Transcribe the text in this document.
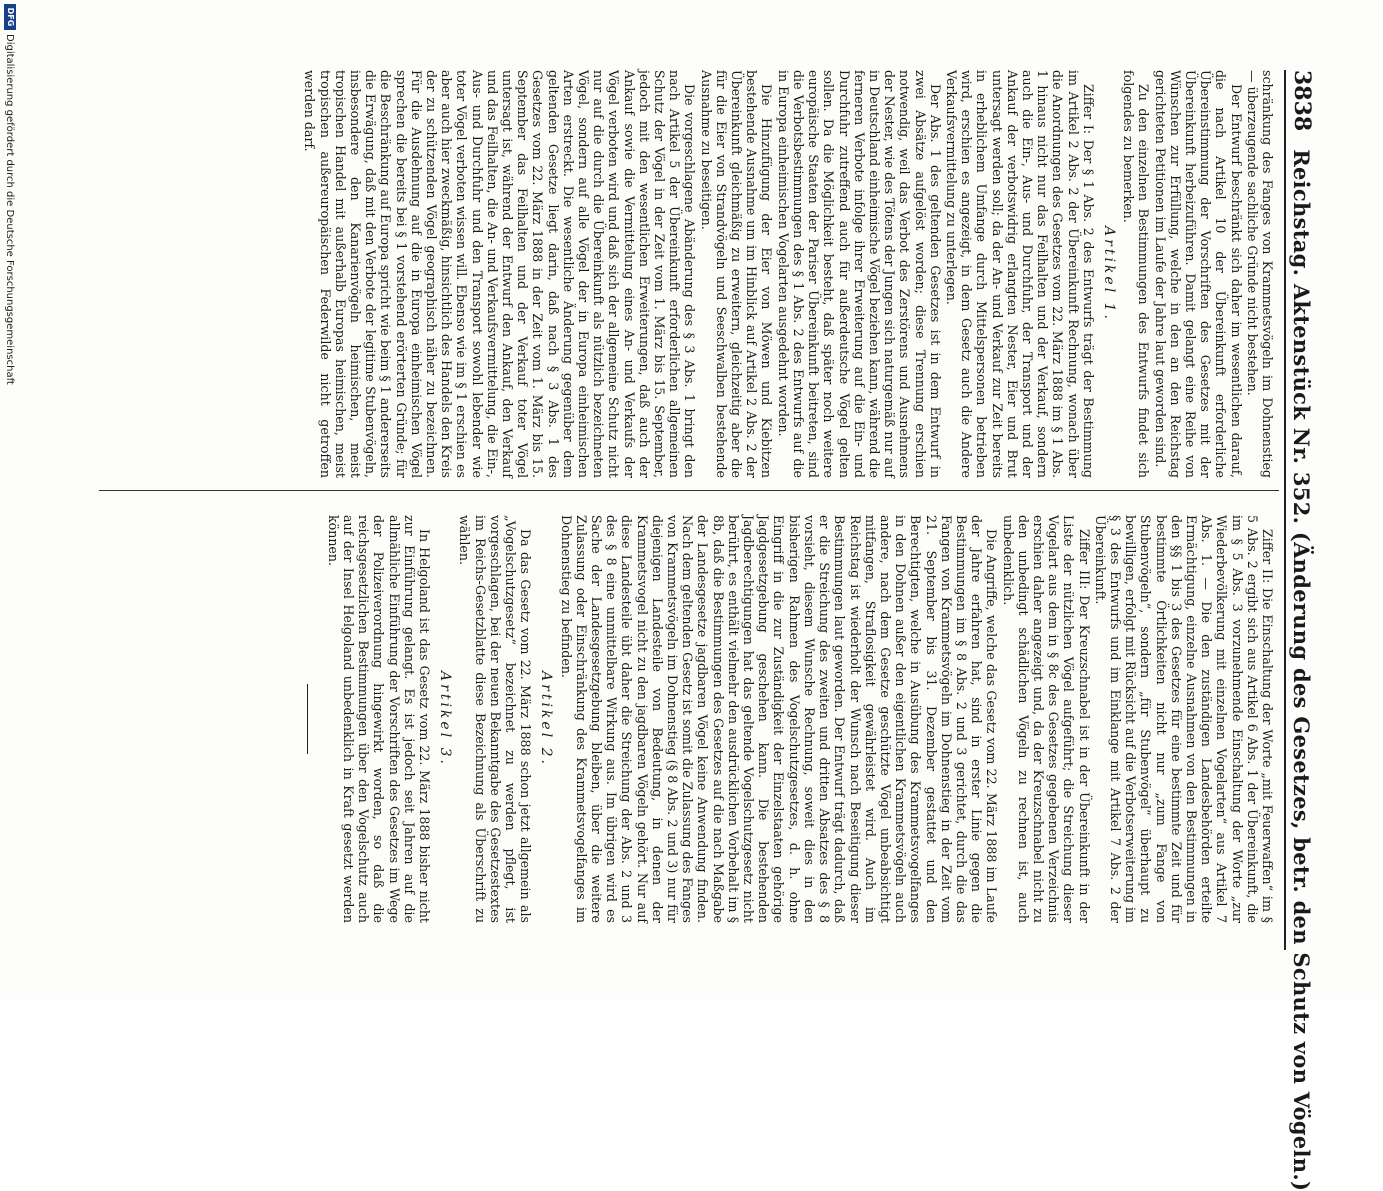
3838
Reichstag. Aktenstück Nr. 352. (Änderung des Gesetzes, betr. den Schutz von Vögeln.)

schränkung des Fanges von Krammetsvögeln im Dohnenstieg — überzeugende sachliche Gründe nicht bestehen.

Der Entwurf beschränkt sich daher im wesentlichen darauf, die nach Artikel 10 der Übereinkunft erforderliche Übereinstimmung der Vorschriften des Gesetzes mit der Übereinkunft herbeizuführen. Damit gelangt eine Reihe von Wünschen zur Erfüllung, welche in den an den Reichstag gerichteten Petitionen im Laufe der Jahre laut geworden sind.

Zu den einzelnen Bestimmungen des Entwurfs findet sich folgendes zu bemerken.

Artikel 1.

Ziffer I: Der § 1 Abs. 2 des Entwurfs trägt der Bestimmung im Artikel 2 Abs. 2 der Übereinkunft Rechnung, wonach über die Anordnungen des Gesetzes vom 22. März 1888 im § 1 Abs. 1 hinaus nicht nur das Feilhalten und der Verkauf, sondern auch die Ein-, Aus- und Durchfuhr, der Transport und der Ankauf der verbotswidrig erlangten Nester, Eier und Brut untersagt werden soll; da der An- und Verkauf zur Zeit bereits in erheblichem Umfange durch Mittelspersonen betrieben wird, erschien es angezeigt, in dem Gesetz auch die Andere Verkaufsvermittelung zu unterlegen.

Der Abs. 1 des geltenden Gesetzes ist in dem Entwurf in zwei Absätze aufgelöst worden; diese Trennung erschien notwendig, weil das Verbot des Zerstörens und Ausnehmens der Nester, wie des Tötens der Jungen sich naturgemäß nur auf in Deutschland einheimische Vögel beziehen kann, während die ferneren Verbote infolge ihrer Erweiterung auf die Ein- und Durchfuhr zutreffend auch für außerdeutsche Vögel gelten sollen. Da die Möglichkeit besteht, daß später noch weitere europäische Staaten der Pariser Übereinkunft beitreten, sind die Verbotsbestimmungen des § 1 Abs. 2 des Entwurfs auf die in Europa einheimischen Vogelarten ausgedehnt worden.

Die Hinzufügung der Eier von Möwen und Kiebitzen bestehende Ausnahme um im Hinblick auf Artikel 2 Abs. 2 der Übereinkunft gleichmäßig zu erweitern, gleichzeitig aber die für die Eier von Strandvögeln und Seeschwalben bestehende Ausnahme zu beseitigen.

Die vorgeschlagene Abänderung des § 3 Abs. 1 bringt den nach Artikel 5 der Übereinkunft erforderlichen allgemeinen Schutz der Vögel in der Zeit vom 1. März bis 15. September, jedoch mit den wesentlichen Erweiterungen, daß auch der Ankauf sowie die Vermittelung eines An- und Verkaufs der Vögel verboten wird und daß sich der allgemeine Schutz nicht nur auf die durch die Übereinkunft als nützlich bezeichneten Vögel, sondern auf alle Vögel der in Europa einheimischen Arten erstreckt. Die wesentliche Änderung gegenüber dem geltenden Gesetze liegt darin, daß nach § 3 Abs. 1 des Gesetzes vom 22. März 1888 in der Zeit vom 1. März bis 15. September das Feilhalten und der Verkauf toter Vögel untersagt ist, während der Entwurf den Ankauf, den Verkauf und das Feilhalten, die An- und Verkaufsvermittelung, die Ein-, Aus- und Durchfuhr und den Transport sowohl lebender wie toter Vögel verboten wissen will. Ebenso wie im § 1 erschien es aber auch hier zweckmäßig, hinsichtlich des Handels den Kreis der zu schützenden Vögel geographisch näher zu bezeichnen. Für die Ausdehnung auf die in Europa einheimischen Vögel sprechen die bereits bei § 1 vorstehend erörterten Gründe; für die Beschränkung auf Europa spricht wie beim § 1 andererseits die Erwägung, daß mit den Verbote der legitime Stubenvögeln, insbesondere den Kanarienvögeln heimischen, meist tropischen Handel mit außerhalb Europas heimischen, meist tropischen außereuropäischen Federwilde nicht getroffen werden darf.

Ziffer II: Die Einschaltung der Worte „mit Feuerwaffen“ im § 5 Abs. 2 ergibt sich aus Artikel 6 Abs. 1 der Übereinkunft, die im § 5 Abs. 3 vorzunehmende Einschaltung der Worte „zur Wiederbevölkerung mit einzelnen Vogelarten“ aus Artikel 7 Abs. 1. — Die den zuständigen Landesbehörden erteilte Ermächtigung, einzelne Ausnahmen von den Bestimmungen in den §§ 1 bis 3 des Gesetzes für eine bestimmte Zeit und für bestimmte Örtlichkeiten nicht nur „zum Fange von Stubenvögeln“, sondern „für Stubenvögel“ überhaupt zu bewilligen, erfolgt mit Rücksicht auf die Verbotserweiterung im § 3 des Entwurfs und im Einklange mit Artikel 7 Abs. 2 der Übereinkunft.

Ziffer III: Der Kreuzschnabel ist in der Übereinkunft in der Liste der nützlichen Vögel aufgeführt; die Streichung dieser Vogelart aus dem in § 8c des Gesetzes gegebenen Verzeichnis erschien daher angezeigt und, da der Kreuzschnabel nicht zu den unbedingt schädlichen Vögeln zu rechnen ist, auch unbedenklich.

Die Angriffe, welche das Gesetz vom 22. März 1888 im Laufe der Jahre erfahren hat, sind in erster Linie gegen die Bestimmungen im § 8 Abs. 2 und 3 gerichtet, durch die das Fangen von Krammetsvögeln im Dohnenstieg in der Zeit vom 21. September bis 31. Dezember gestattet und den Berechtigten, welche in Ausübung des Krammetsvogelfanges in den Dohnen außer den eigentlichen Krammetsvögeln auch andere, nach dem Gesetze geschützte Vögel unbeabsichtigt mitfangen, Straflosigkeit gewährleistet wird. Auch im Reichstag ist wiederholt der Wunsch nach Beseitigung dieser Bestimmungen laut geworden. Der Entwurf trägt dadurch, daß er die Streichung des zweiten und dritten Absatzes des § 8 vorsieht, diesem Wunsche Rechnung, soweit dies in den bisherigen Rahmen des Vogelschutzgesetzes, d. h. ohne Eingriff in die zur Zuständigkeit der Einzelstaaten gehörige Jagdgesetzgebung geschehen kann. Die bestehenden Jagdberechtigungen hat das geltende Vogelschutzgesetz nicht berührt, es enthält vielmehr den ausdrücklichen Vorbehalt im § 8b, daß die Bestimmungen des Gesetzes auf die nach Maßgabe der Landesgesetze jagdbaren Vögel keine Anwendung finden. Nach dem geltenden Gesetz ist somit die Zulassung des Fanges von Krammetsvögeln im Dohnenstieg (§ 8 Abs. 2 und 3) nur für diejenigen Landesteile von Bedeutung, in denen der Krammetsvogel nicht zu den jagdbaren Vögeln gehört. Nur auf diese Landesteile übt daher die Streichung der Abs. 2 und 3 des § 8 eine unmittelbare Wirkung aus. Im übrigen wird es Sache der Landesgesetzgebung bleiben, über die weitere Zulassung oder Einschränkung des Krammetsvogelfanges im Dohnenstieg zu befinden.

Artikel 2.

Da das Gesetz vom 22. März 1888 schon jetzt allgemein als „Vogelschutzgesetz“ bezeichnet zu werden pflegt, ist vorgeschlagen, bei der neuen Bekanntgabe des Gesetzestextes im Reichs-Gesetzblatte diese Bezeichnung als Überschrift zu wählen.

Artikel 3.

In Helgoland ist das Gesetz vom 22. März 1888 bisher nicht zur Einführung gelangt. Es ist jedoch seit Jahren auf die allmähliche Einführung der Vorschriften des Gesetzes im Wege der Polizeiverordnung hingewirkt worden, so daß die reichsgesetzlichen Bestimmungen über den Vogelschutz auch auf der Insel Helgoland unbedenklich in Kraft gesetzt werden können.

DFG
Digitalisierung gefördert durch die Deutsche Forschungsgemeinschaft
